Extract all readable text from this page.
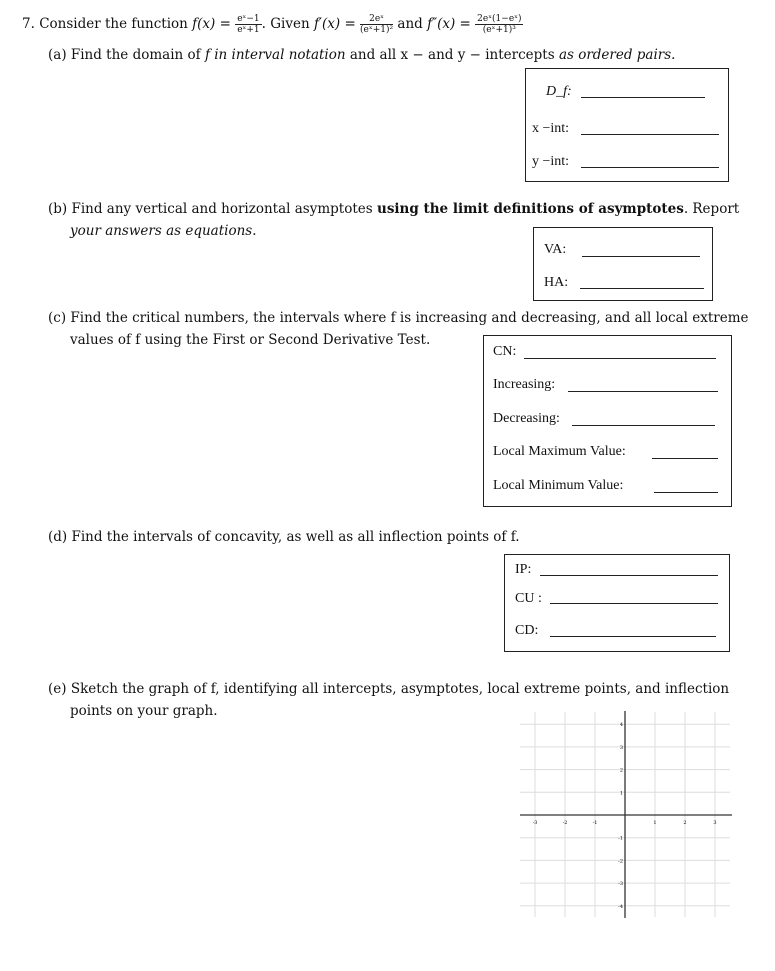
7. Consider the function $f(x) = \frac{\text{eˣ−1}}{\text{eˣ+1}}$ . Given $f'(x) = \frac{\text{2eˣ}}{\text{(eˣ+1)²}}$ and $f''(x) = \frac{\text{2eˣ(1−eˣ)}}{\text{(eˣ+1)³}}$
(a) Find the domain of f in interval notation and all x − and y − intercepts as ordered pairs.
D_f:
x −int:
y −int:
(b) Find any vertical and horizontal asymptotes using the limit definitions of asymptotes. Report
your answers as equations.
VA:
HA:
(c) Find the critical numbers, the intervals where f is increasing and decreasing, and all local extreme
values of f using the First or Second Derivative Test.
CN:
Increasing:
Decreasing:
Local Maximum Value:
Local Minimum Value:
(d) Find the intervals of concavity, as well as all inflection points of f.
IP:
CU :
CD:
(e) Sketch the graph of f, identifying all intercepts, asymptotes, local extreme points, and inflection
points on your graph.
-3	-2	-1	1	2	3
-4
-3
-2
-1
1
2
3
4
